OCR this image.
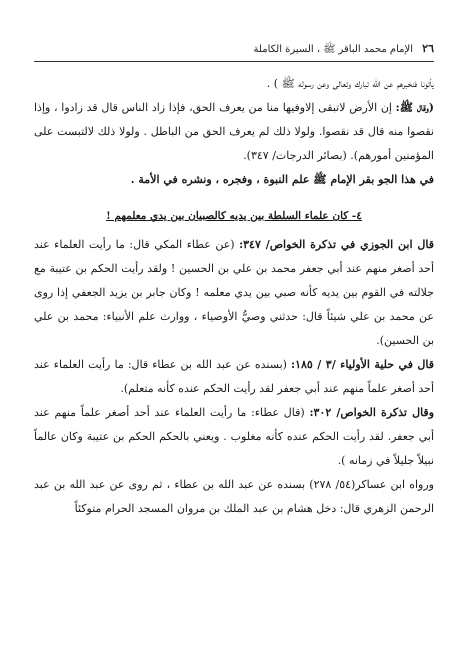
٢٦ الإمام محمد الباقر ﷺ ، السيرة الكاملة

يأتونا فنخبرهم عن الله تبارك وتعالى وعن رسوله ﷺ ) .

(وقال ﷺ: إن الأرض لاتبقى إلاوفيها منا من يعرف الحق، فإذا زاد الناس قال قد زادوا ، وإذا نقصوا منه قال قد نقصوا. ولولا ذلك لم يعرف الحق من الباطل . ولولا ذلك لالتبست على المؤمنين أمورهم). (بصائر الدرجات/ ٣٤٧).

في هذا الجو بقر الإمام ﷺ علم النبوة ، وفجره ، ونشره في الأمة .

٤- كان علماء السلطة بين يديه كالصبيان بين يدي معلمهم !

قال ابن الجوزي في تذكرة الخواص/ ٣٤٧: (عن عطاء المكي قال: ما رأيت العلماء عند أحد أصغر منهم عند أبي جعفر محمد بن علي بن الحسين ! ولقد رأيت الحكم بن عتيبة مع جلالته في القوم بين يديه كأنه صبي بين يدي معلمه ! وكان جابر بن يزيد الجعفي إذا روى عن محمد بن علي شيئاً قال: حدثني وصيُّ الأوصياء ، ووارث علم الأنبياء: محمد بن علي بن الحسين).

قال في حلية الأولياء /٣ / ١٨٥: (بسنده عن عبد الله بن عطاء قال: ما رأيت العلماء عند أحد أصغر علماً منهم عند أبي جعفر لقد رأيت الحكم عنده كأنه متعلم).

وقال تذكرة الخواص/ ٣٠٢: (قال عطاء: ما رأيت العلماء عند أحد أصغر علماً منهم عند أبي جعفر. لقد رأيت الحكم عنده كأنه مغلوب . ويعني بالحكم الحكم بن عتيبة وكان عالماً نبيلاً جليلاً في زمانه ).

ورواه ابن عساكر(٥٤/ ٢٧٨) بسنده عن عبد الله بن عطاء ، ثم روى عن عبد الله بن عبد الرحمن الزهري قال: دخل هشام بن عبد الملك بن مروان المسجد الحرام متوكئاً
